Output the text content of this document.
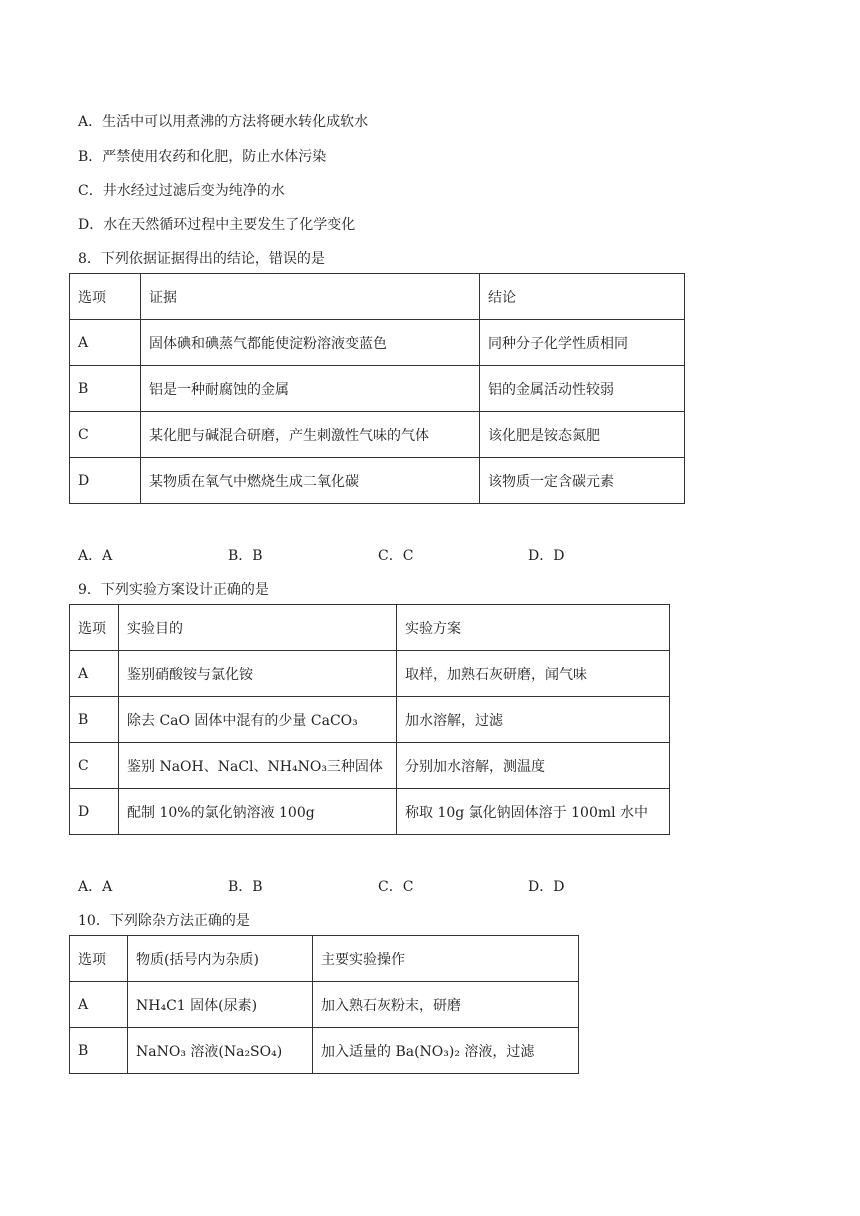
A．生活中可以用煮沸的方法将硬水转化成软水
B．严禁使用农药和化肥，防止水体污染
C．井水经过过滤后变为纯净的水
D．水在天然循环过程中主要发生了化学变化
8．下列依据证据得出的结论，错误的是
选项	证据	结论
A	固体碘和碘蒸气都能使淀粉溶液变蓝色	同种分子化学性质相同
B	铝是一种耐腐蚀的金属	铝的金属活动性较弱
C	某化肥与碱混合研磨，产生刺激性气味的气体	该化肥是铵态氮肥
D	某物质在氧气中燃烧生成二氧化碳	该物质一定含碳元素
A．A	B．B	C．C	D．D
9．下列实验方案设计正确的是
选项	实验目的	实验方案
A	鉴别硝酸铵与氯化铵	取样，加熟石灰研磨，闻气味
B	除去 CaO 固体中混有的少量 CaCO₃	加水溶解，过滤
C	鉴别 NaOH、NaCl、NH₄NO₃三种固体	分别加水溶解，测温度
D	配制 10%的氯化钠溶液 100g	称取 10g 氯化钠固体溶于 100ml 水中
A．A	B．B	C．C	D．D
10．下列除杂方法正确的是
选项	物质(括号内为杂质)	主要实验操作
A	NH₄C1 固体(尿素)	加入熟石灰粉末，研磨
B	NaNO₃ 溶液(Na₂SO₄)	加入适量的 Ba(NO₃)₂ 溶液，过滤
